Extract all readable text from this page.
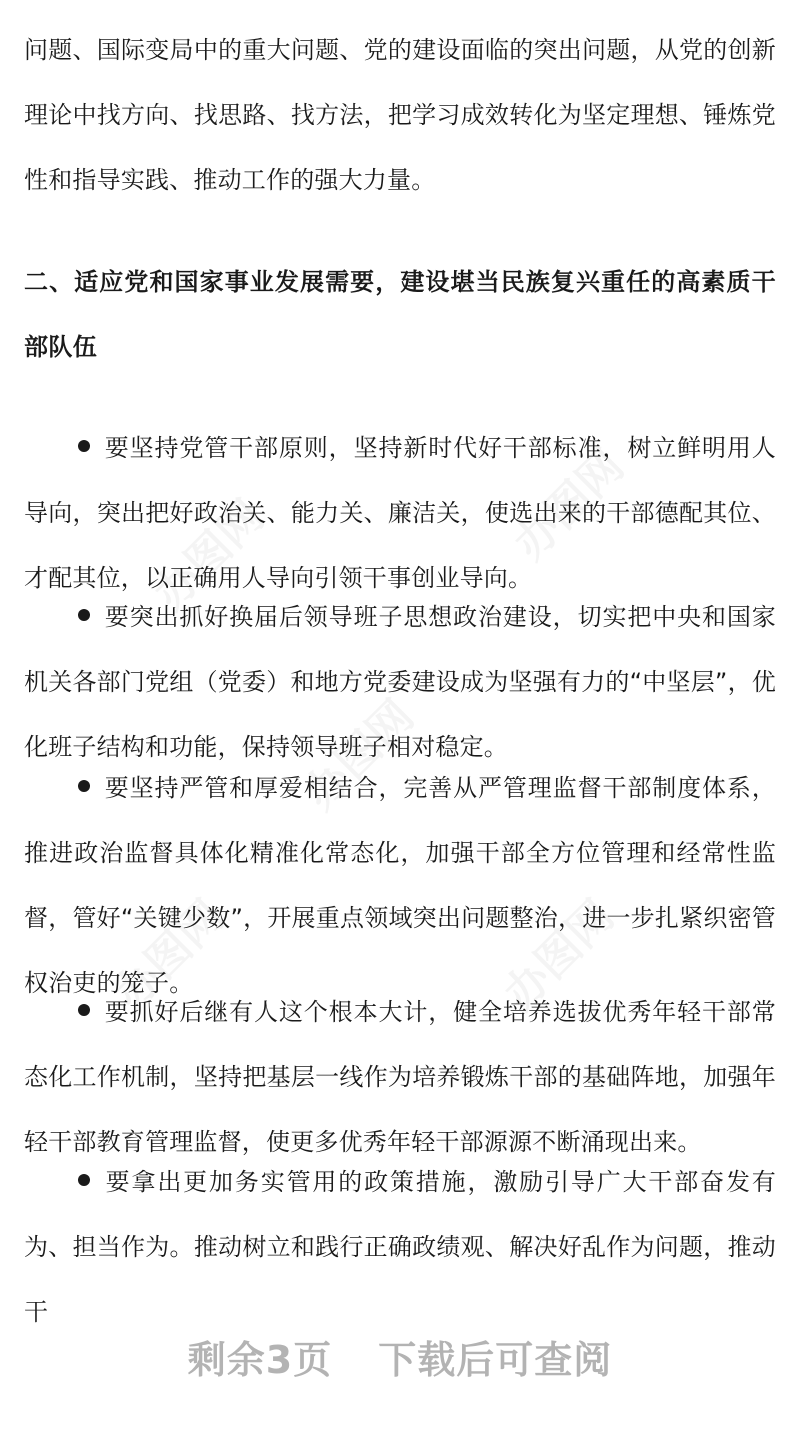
问题、国际变局中的重大问题、党的建设面临的突出问题，从党的创新理论中找方向、找思路、找方法，把学习成效转化为坚定理想、锤炼党性和指导实践、推动工作的强大力量。

二、适应党和国家事业发展需要，建设堪当民族复兴重任的高素质干部队伍

要坚持党管干部原则，坚持新时代好干部标准，树立鲜明用人导向，突出把好政治关、能力关、廉洁关，使选出来的干部德配其位、才配其位，以正确用人导向引领干事创业导向。

要突出抓好换届后领导班子思想政治建设，切实把中央和国家机关各部门党组（党委）和地方党委建设成为坚强有力的“中坚层”，优化班子结构和功能，保持领导班子相对稳定。

要坚持严管和厚爱相结合，完善从严管理监督干部制度体系，推进政治监督具体化精准化常态化，加强干部全方位管理和经常性监督，管好“关键少数”，开展重点领域突出问题整治，进一步扎紧织密管权治吏的笼子。

要抓好后继有人这个根本大计，健全培养选拔优秀年轻干部常态化工作机制，坚持把基层一线作为培养锻炼干部的基础阵地，加强年轻干部教育管理监督，使更多优秀年轻干部源源不断涌现出来。

要拿出更加务实管用的政策措施，激励引导广大干部奋发有为、担当作为。推动树立和践行正确政绩观、解决好乱作为问题，推动干

剩余3页 下载后可查阅
